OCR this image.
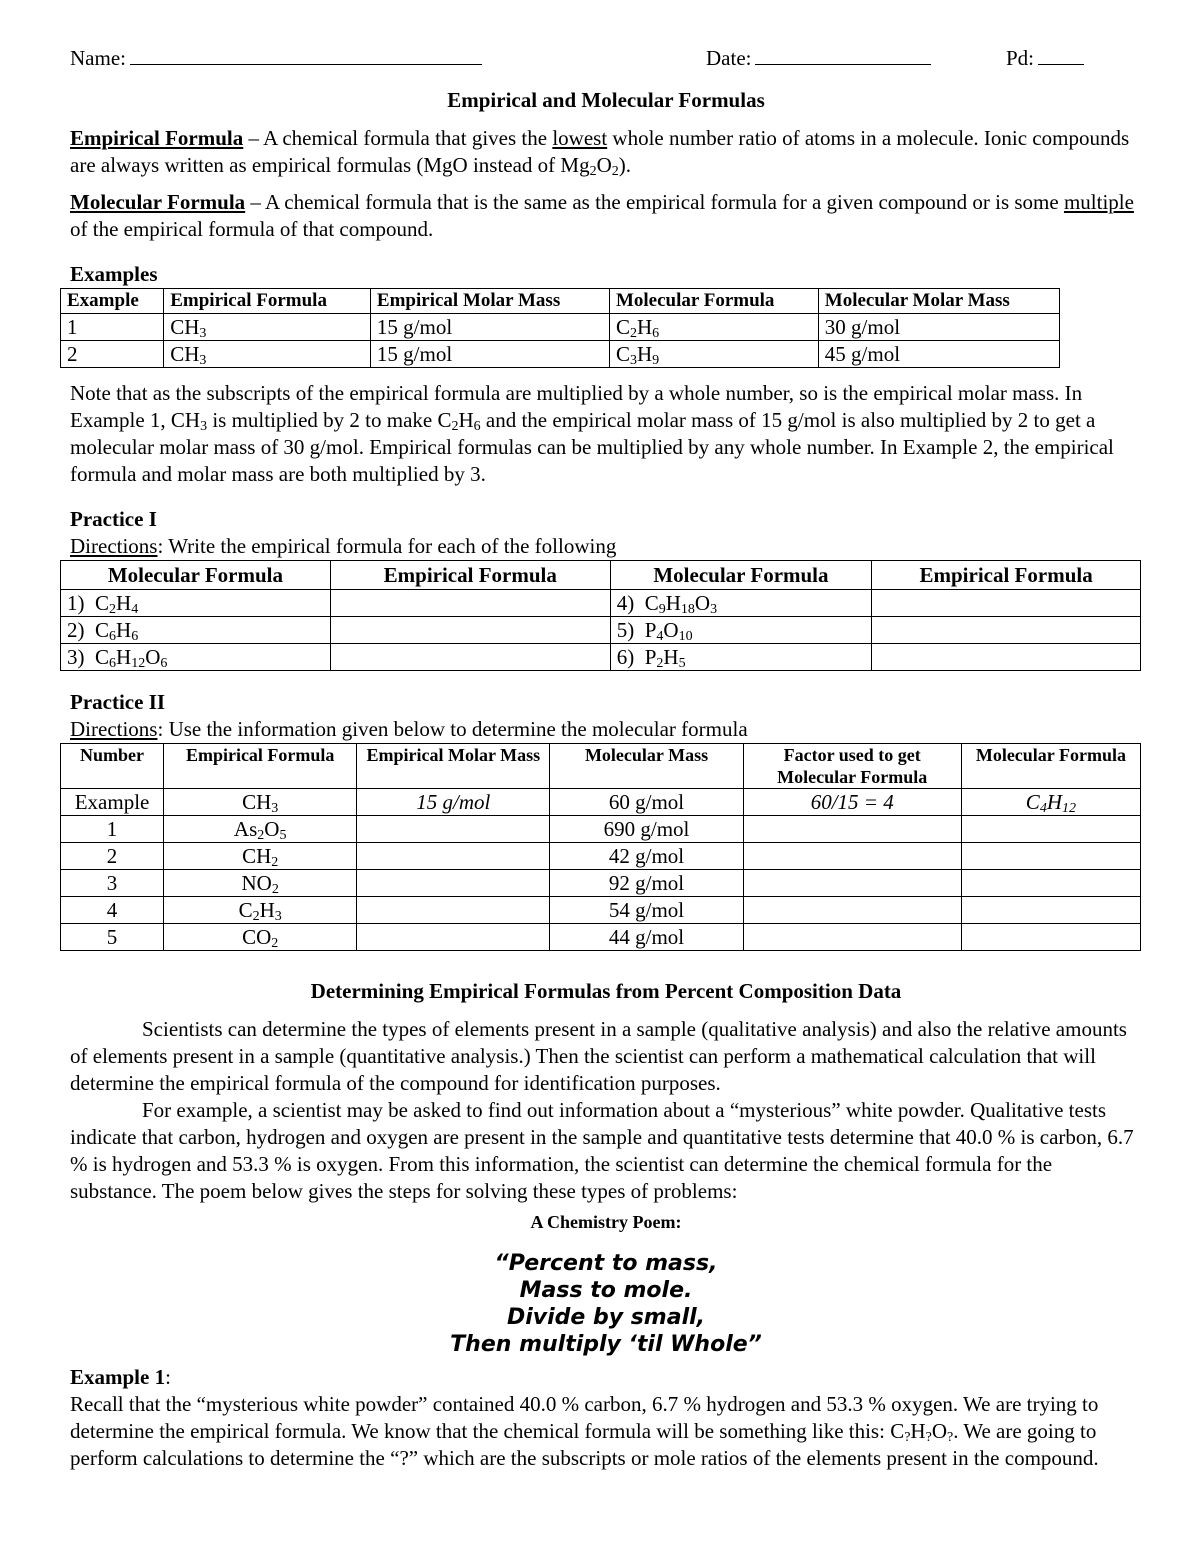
Name:	Date:	Pd:
Empirical and Molecular Formulas

Empirical Formula – A chemical formula that gives the lowest whole number ratio of atoms in a molecule. Ionic compounds are always written as empirical formulas (MgO instead of $Mg_2O_2$).

Molecular Formula – A chemical formula that is the same as the empirical formula for a given compound or is some multiple of the empirical formula of that compound.

Examples

Example	Empirical Formula	Empirical Molar Mass	Molecular Formula	Molecular Molar Mass
1	$CH_3$	15 g/mol	$C_2H_6$	30 g/mol
2	$CH_3$	15 g/mol	$C_3H_9$	45 g/mol

Note that as the subscripts of the empirical formula are multiplied by a whole number, so is the empirical molar mass. In Example 1, $CH_3$ is multiplied by 2 to make $C_2H_6$ and the empirical molar mass of 15 g/mol is also multiplied by 2 to get a molecular molar mass of 30 g/mol. Empirical formulas can be multiplied by any whole number. In Example 2, the empirical formula and molar mass are both multiplied by 3.

Practice I

Directions: Write the empirical formula for each of the following

Molecular Formula	Empirical Formula	Molecular Formula	Empirical Formula
1) $C_2H_4$		4) $C_9H_{18}O_3$	
2) $C_6H_6$		5) $P_4O_{10}$	
3) $C_6H_{12}O_6$		6) $P_2H_5$	

Practice II

Directions: Use the information given below to determine the molecular formula

Number	Empirical Formula	Empirical Molar Mass	Molecular Mass	Factor used to get Molecular Formula	Molecular Formula
Example	$CH_3$	15 g/mol	60 g/mol	60/15 = 4	$C_4H_{12}$
1	$As_2O_5$		690 g/mol		
2	$CH_2$		42 g/mol		
3	$NO_2$		92 g/mol		
4	$C_2H_3$		54 g/mol		
5	$CO_2$		44 g/mol		
Determining Empirical Formulas from Percent Composition Data

Scientists can determine the types of elements present in a sample (qualitative analysis) and also the relative amounts of elements present in a sample (quantitative analysis.) Then the scientist can perform a mathematical calculation that will determine the empirical formula of the compound for identification purposes.

For example, a scientist may be asked to find out information about a “mysterious” white powder. Qualitative tests indicate that carbon, hydrogen and oxygen are present in the sample and quantitative tests determine that 40.0 % is carbon, 6.7 % is hydrogen and 53.3 % is oxygen. From this information, the scientist can determine the chemical formula for the substance. The poem below gives the steps for solving these types of problems:

A Chemistry Poem:

“Percent to mass,
Mass to mole.
Divide by small,
Then multiply ‘til Whole”

Example 1:

Recall that the “mysterious white powder” contained 40.0 % carbon, 6.7 % hydrogen and 53.3 % oxygen. We are trying to determine the empirical formula. We know that the chemical formula will be something like this: $C_?H_?O_?$. We are going to perform calculations to determine the “?” which are the subscripts or mole ratios of the elements present in the compound.
